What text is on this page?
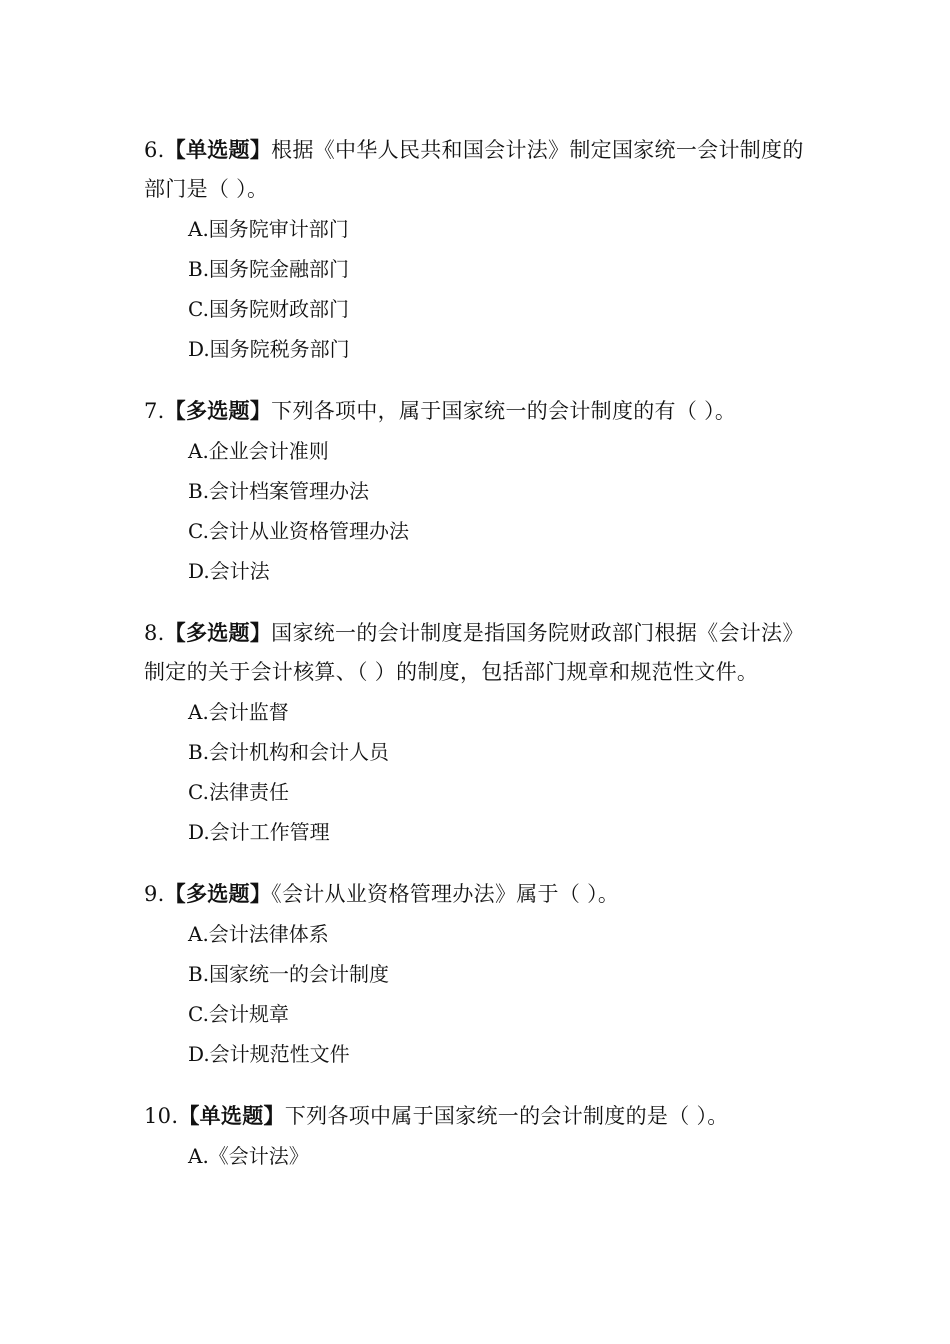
6.【单选题】根据《中华人民共和国会计法》制定国家统一会计制度的部门是（ ）。

A.国务院审计部门
B.国务院金融部门
C.国务院财政部门
D.国务院税务部门

7.【多选题】下列各项中，属于国家统一的会计制度的有（ ）。

A.企业会计准则
B.会计档案管理办法
C.会计从业资格管理办法
D.会计法

8.【多选题】国家统一的会计制度是指国务院财政部门根据《会计法》制定的关于会计核算、（ ）的制度，包括部门规章和规范性文件。

A.会计监督
B.会计机构和会计人员
C.法律责任
D.会计工作管理

9.【多选题】《会计从业资格管理办法》属于（ ）。

A.会计法律体系
B.国家统一的会计制度
C.会计规章
D.会计规范性文件

10.【单选题】下列各项中属于国家统一的会计制度的是（ ）。

A.《会计法》
